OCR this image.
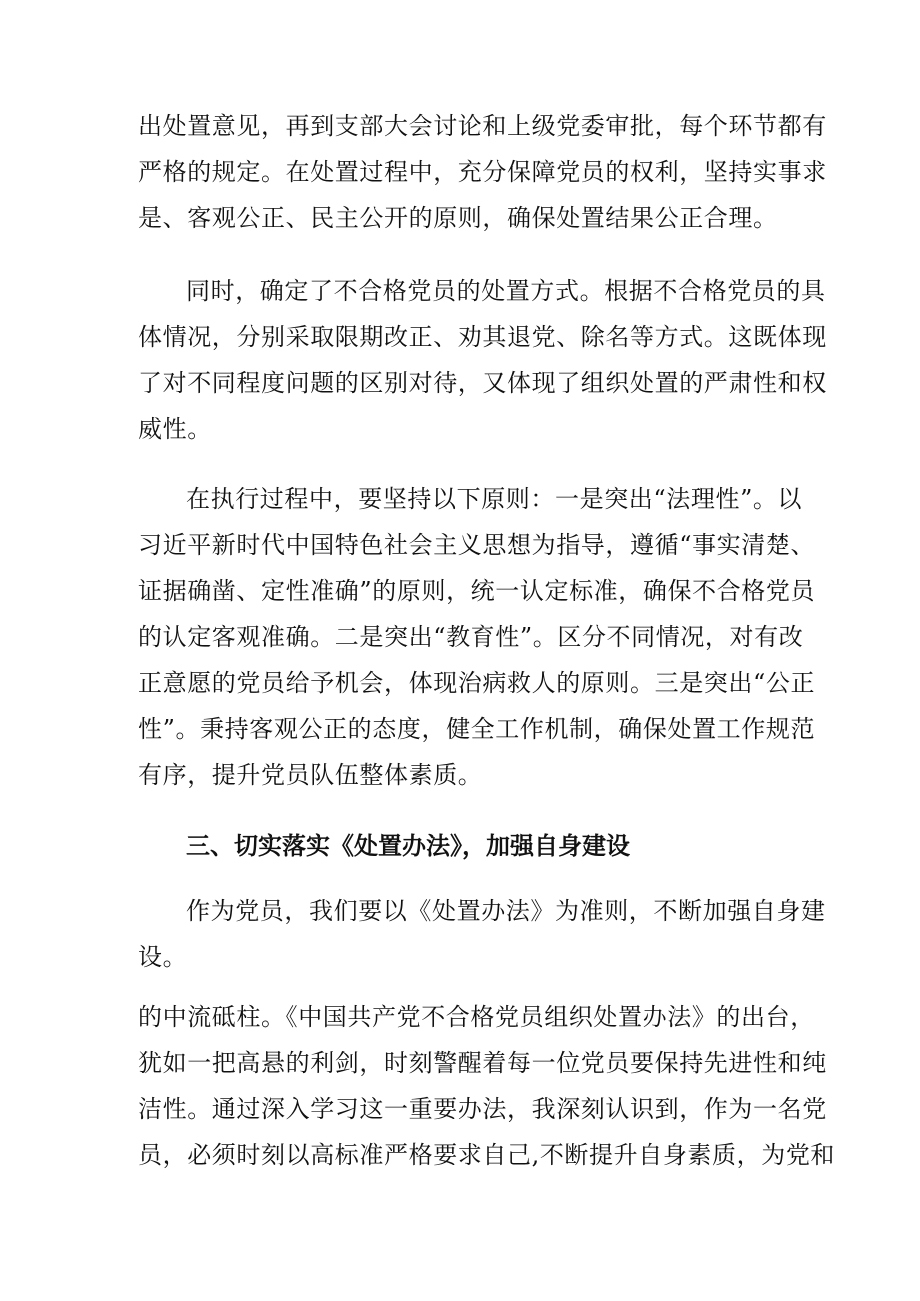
出处置意见，再到支部大会讨论和上级党委审批，每个环节都有
严格的规定。在处置过程中，充分保障党员的权利，坚持实事求
是、客观公正、民主公开的原则，确保处置结果公正合理。

同时，确定了不合格党员的处置方式。根据不合格党员的具
体情况，分别采取限期改正、劝其退党、除名等方式。这既体现
了对不同程度问题的区别对待，又体现了组织处置的严肃性和权
威性。

在执行过程中，要坚持以下原则：一是突出“法理性”。以
习近平新时代中国特色社会主义思想为指导，遵循“事实清楚、
证据确凿、定性准确”的原则，统一认定标准，确保不合格党员
的认定客观准确。二是突出“教育性”。区分不同情况，对有改
正意愿的党员给予机会，体现治病救人的原则。三是突出“公正
性”。秉持客观公正的态度，健全工作机制，确保处置工作规范
有序，提升党员队伍整体素质。

三、切实落实《处置办法》，加强自身建设

作为党员，我们要以《处置办法》为准则，不断加强自身建
设。

的中流砥柱。《中国共产党不合格党员组织处置办法》的出台，
犹如一把高悬的利剑，时刻警醒着每一位党员要保持先进性和纯
洁性。通过深入学习这一重要办法，我深刻认识到，作为一名党
员，必须时刻以高标准严格要求自己,不断提升自身素质，为党和
